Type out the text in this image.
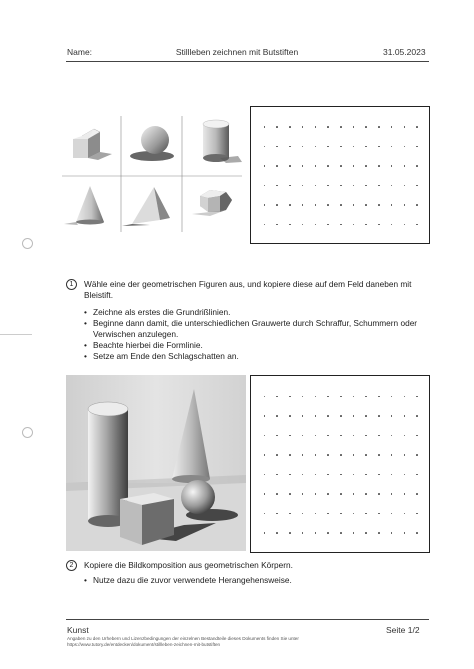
Name:	Stillleben zeichnen mit Butstiften	31.05.2023
1	Wähle eine der geometrischen Figuren aus, und kopiere diese auf dem Feld daneben mit Bleistift.
• Zeichne als erstes die Grundrißlinien.
• Beginne dann damit, die unterschiedlichen Grauwerte durch Schraffur, Schummern oder Verwischen anzulegen.
• Beachte hierbei die Formlinie.
• Setze am Ende den Schlagschatten an.
2	Kopiere die Bildkomposition aus geometrischen Körpern.
• Nutze dazu die zuvor verwendete Herangehensweise.
Kunst	Seite 1/2
Angaben zu den Urhebern und Lizenzbedingungen der einzelnen Bestandteile dieses Dokuments finden Sie unter
https://www.tutory.de/entdecken/dokument/stillleben-zeichnen-mit-butstiften
